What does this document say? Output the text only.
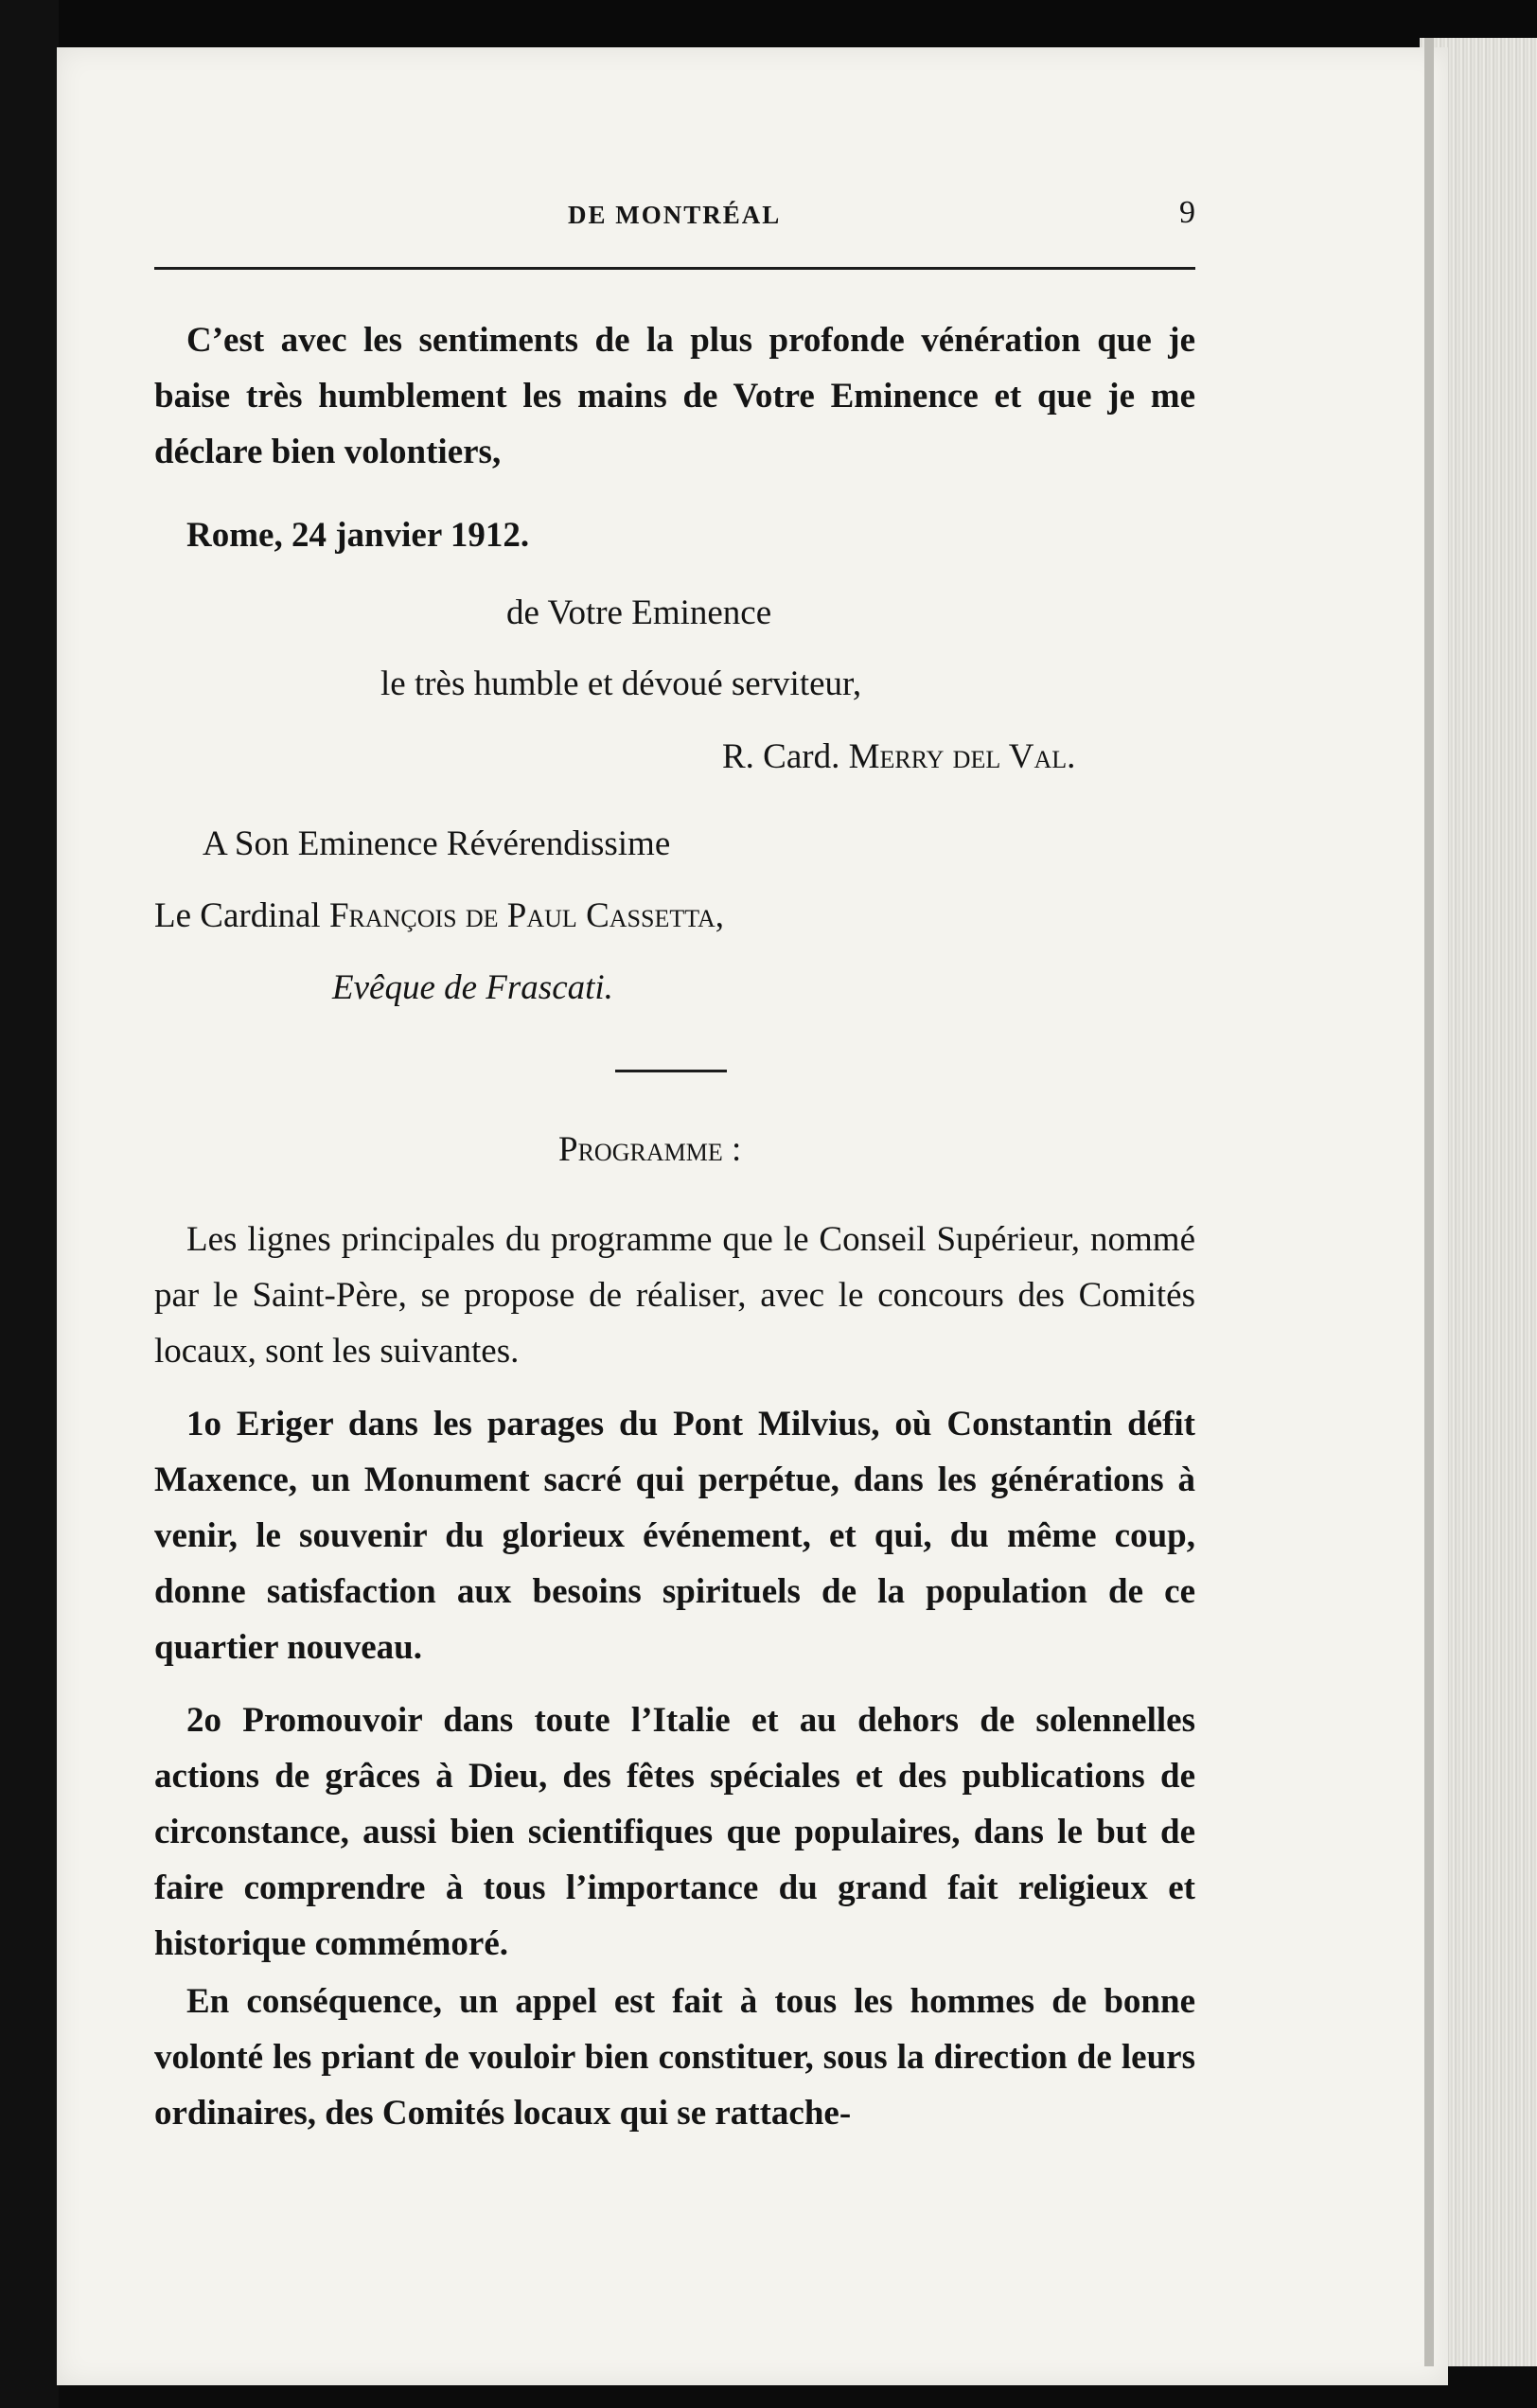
DE MONTRÉAL	9

C’est avec les sentiments de la plus profonde vénération que je baise très humblement les mains de Votre Eminence et que je me déclare bien volontiers,

Rome, 24 janvier 1912.

de Votre Eminence

le très humble et dévoué serviteur,

R. Card. Merry del Val.

A Son Eminence Révérendissime

Le Cardinal François de Paul Cassetta,

Evêque de Frascati.

Programme :

Les lignes principales du programme que le Conseil Supérieur, nommé par le Saint-Père, se propose de réaliser, avec le concours des Comités locaux, sont les suivantes.

1o Eriger dans les parages du Pont Milvius, où Constantin défit Maxence, un Monument sacré qui perpétue, dans les générations à venir, le souvenir du glorieux événement, et qui, du même coup, donne satisfaction aux besoins spirituels de la population de ce quartier nouveau.

2o Promouvoir dans toute l’Italie et au dehors de solennelles actions de grâces à Dieu, des fêtes spéciales et des publications de circonstance, aussi bien scientifiques que populaires, dans le but de faire comprendre à tous l’importance du grand fait religieux et historique commémoré.

En conséquence, un appel est fait à tous les hommes de bonne volonté les priant de vouloir bien constituer, sous la direction de leurs ordinaires, des Comités locaux qui se rattache-
